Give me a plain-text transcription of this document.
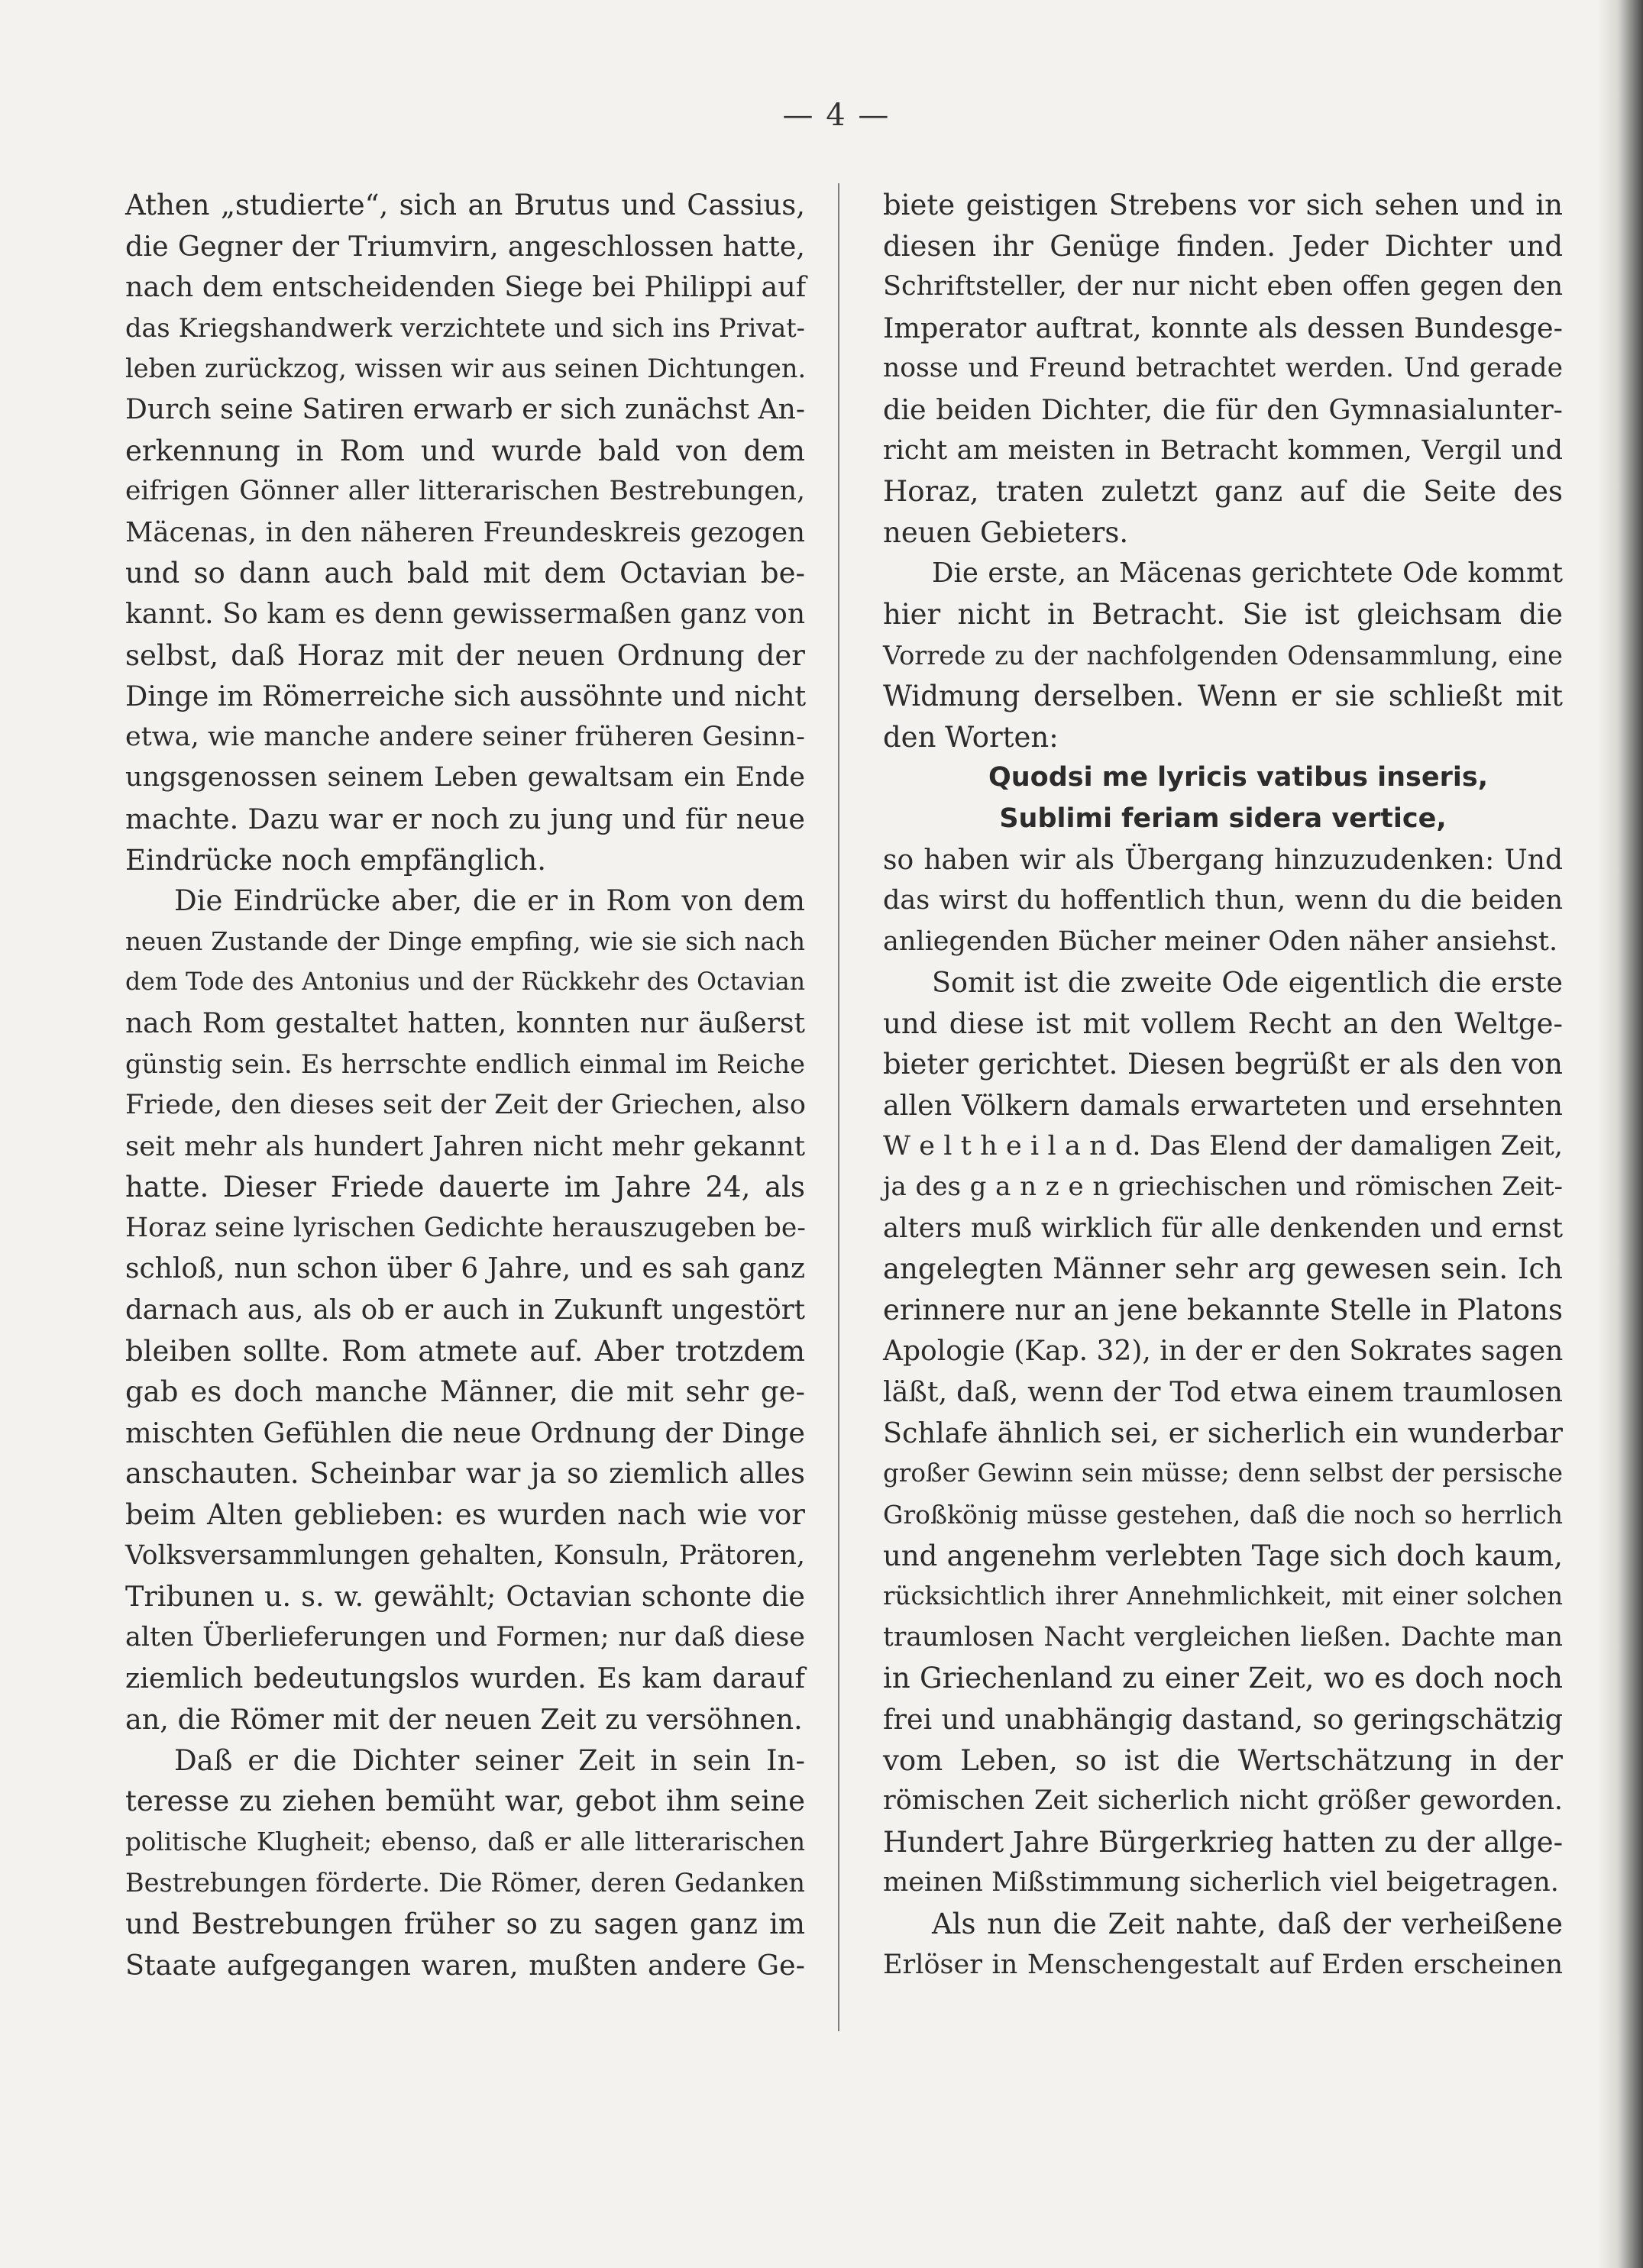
— 4 —

Athen „studierte“, sich an Brutus und Cassius,
die Gegner der Triumvirn, angeschlossen hatte,
nach dem entscheidenden Siege bei Philippi auf
das Kriegshandwerk verzichtete und sich ins Privat-
leben zurückzog, wissen wir aus seinen Dichtungen.
Durch seine Satiren erwarb er sich zunächst An-
erkennung in Rom und wurde bald von dem
eifrigen Gönner aller litterarischen Bestrebungen,
Mäcenas, in den näheren Freundeskreis gezogen
und so dann auch bald mit dem Octavian be-
kannt. So kam es denn gewissermaßen ganz von
selbst, daß Horaz mit der neuen Ordnung der
Dinge im Römerreiche sich aussöhnte und nicht
etwa, wie manche andere seiner früheren Gesinn-
ungsgenossen seinem Leben gewaltsam ein Ende
machte. Dazu war er noch zu jung und für neue
Eindrücke noch empfänglich.

Die Eindrücke aber, die er in Rom von dem
neuen Zustande der Dinge empfing, wie sie sich nach
dem Tode des Antonius und der Rückkehr des Octavian
nach Rom gestaltet hatten, konnten nur äußerst
günstig sein. Es herrschte endlich einmal im Reiche
Friede, den dieses seit der Zeit der Griechen, also
seit mehr als hundert Jahren nicht mehr gekannt
hatte. Dieser Friede dauerte im Jahre 24, als
Horaz seine lyrischen Gedichte herauszugeben be-
schloß, nun schon über 6 Jahre, und es sah ganz
darnach aus, als ob er auch in Zukunft ungestört
bleiben sollte. Rom atmete auf. Aber trotzdem
gab es doch manche Männer, die mit sehr ge-
mischten Gefühlen die neue Ordnung der Dinge
anschauten. Scheinbar war ja so ziemlich alles
beim Alten geblieben: es wurden nach wie vor
Volksversammlungen gehalten, Konsuln, Prätoren,
Tribunen u. s. w. gewählt; Octavian schonte die
alten Überlieferungen und Formen; nur daß diese
ziemlich bedeutungslos wurden. Es kam darauf
an, die Römer mit der neuen Zeit zu versöhnen.

Daß er die Dichter seiner Zeit in sein In-
teresse zu ziehen bemüht war, gebot ihm seine
politische Klugheit; ebenso, daß er alle litterarischen
Bestrebungen förderte. Die Römer, deren Gedanken
und Bestrebungen früher so zu sagen ganz im
Staate aufgegangen waren, mußten andere Ge-

biete geistigen Strebens vor sich sehen und in
diesen ihr Genüge finden. Jeder Dichter und
Schriftsteller, der nur nicht eben offen gegen den
Imperator auftrat, konnte als dessen Bundesge-
nosse und Freund betrachtet werden. Und gerade
die beiden Dichter, die für den Gymnasialunter-
richt am meisten in Betracht kommen, Vergil und
Horaz, traten zuletzt ganz auf die Seite des
neuen Gebieters.

Die erste, an Mäcenas gerichtete Ode kommt
hier nicht in Betracht. Sie ist gleichsam die
Vorrede zu der nachfolgenden Odensammlung, eine
Widmung derselben. Wenn er sie schließt mit
den Worten:

Quodsi me lyricis vatibus inseris,
Sublimi feriam sidera vertice,

so haben wir als Übergang hinzuzudenken: Und
das wirst du hoffentlich thun, wenn du die beiden
anliegenden Bücher meiner Oden näher ansiehst.

Somit ist die zweite Ode eigentlich die erste
und diese ist mit vollem Recht an den Weltge-
bieter gerichtet. Diesen begrüßt er als den von
allen Völkern damals erwarteten und ersehnten
W e l t h e i l a n d. Das Elend der damaligen Zeit,
ja des g a n z e n griechischen und römischen Zeit-
alters muß wirklich für alle denkenden und ernst
angelegten Männer sehr arg gewesen sein. Ich
erinnere nur an jene bekannte Stelle in Platons
Apologie (Kap. 32), in der er den Sokrates sagen
läßt, daß, wenn der Tod etwa einem traumlosen
Schlafe ähnlich sei, er sicherlich ein wunderbar
großer Gewinn sein müsse; denn selbst der persische
Großkönig müsse gestehen, daß die noch so herrlich
und angenehm verlebten Tage sich doch kaum,
rücksichtlich ihrer Annehmlichkeit, mit einer solchen
traumlosen Nacht vergleichen ließen. Dachte man
in Griechenland zu einer Zeit, wo es doch noch
frei und unabhängig dastand, so geringschätzig
vom Leben, so ist die Wertschätzung in der
römischen Zeit sicherlich nicht größer geworden.
Hundert Jahre Bürgerkrieg hatten zu der allge-
meinen Mißstimmung sicherlich viel beigetragen.

Als nun die Zeit nahte, daß der verheißene
Erlöser in Menschengestalt auf Erden erscheinen
